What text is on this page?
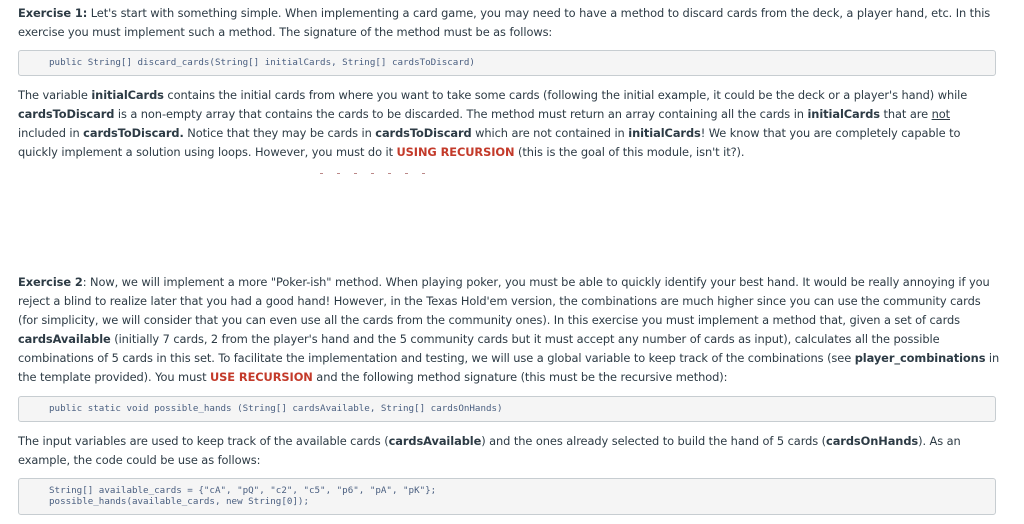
Exercise 1: Let's start with something simple. When implementing a card game, you may need to have a method to discard cards from the deck, a player hand, etc. In this exercise you must implement such a method. The signature of the method must be as follows:
public String[] discard_cards(String[] initialCards, String[] cardsToDiscard)
The variable initialCards contains the initial cards from where you want to take some cards (following the initial example, it could be the deck or a player's hand) while cardsToDiscard is a non-empty array that contains the cards to be discarded. The method must return an array containing all the cards in initialCards that are not included in cardsToDiscard. Notice that they may be cards in cardsToDiscard which are not contained in initialCards! We know that you are completely capable to quickly implement a solution using loops. However, you must do it USING RECURSION (this is the goal of this module, isn't it?).
Exercise 2: Now, we will implement a more "Poker-ish" method. When playing poker, you must be able to quickly identify your best hand. It would be really annoying if you reject a blind to realize later that you had a good hand! However, in the Texas Hold'em version, the combinations are much higher since you can use the community cards (for simplicity, we will consider that you can even use all the cards from the community ones). In this exercise you must implement a method that, given a set of cards cardsAvailable (initially 7 cards, 2 from the player's hand and the 5 community cards but it must accept any number of cards as input), calculates all the possible combinations of 5 cards in this set. To facilitate the implementation and testing, we will use a global variable to keep track of the combinations (see player_combinations in the template provided). You must USE RECURSION and the following method signature (this must be the recursive method):
public static void possible_hands (String[] cardsAvailable, String[] cardsOnHands)
The input variables are used to keep track of the available cards (cardsAvailable) and the ones already selected to build the hand of 5 cards (cardsOnHands). As an example, the code could be use as follows:
String[] available_cards = {"cA", "pQ", "c2", "c5", "p6", "pA", "pK"};
possible_hands(available_cards, new String[0]);
